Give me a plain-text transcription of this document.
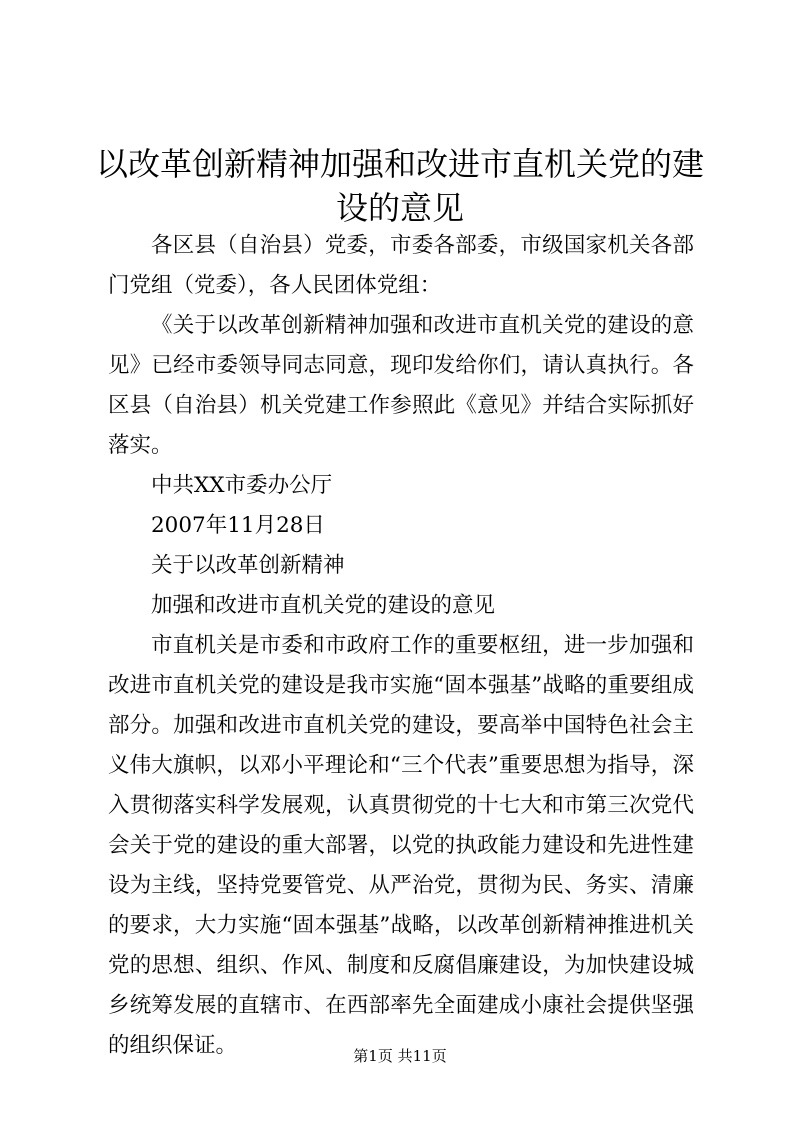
以改革创新精神加强和改进市直机关党的建设的意见

各区县（自治县）党委，市委各部委，市级国家机关各部门党组（党委），各人民团体党组：

《关于以改革创新精神加强和改进市直机关党的建设的意见》已经市委领导同志同意，现印发给你们，请认真执行。各区县（自治县）机关党建工作参照此《意见》并结合实际抓好落实。

中共XX市委办公厅

2007年11月28日

关于以改革创新精神

加强和改进市直机关党的建设的意见

市直机关是市委和市政府工作的重要枢纽，进一步加强和改进市直机关党的建设是我市实施“固本强基”战略的重要组成部分。加强和改进市直机关党的建设，要高举中国特色社会主义伟大旗帜，以邓小平理论和“三个代表”重要思想为指导，深入贯彻落实科学发展观，认真贯彻党的十七大和市第三次党代会关于党的建设的重大部署，以党的执政能力建设和先进性建设为主线，坚持党要管党、从严治党，贯彻为民、务实、清廉的要求，大力实施“固本强基”战略，以改革创新精神推进机关党的思想、组织、作风、制度和反腐倡廉建设，为加快建设城乡统筹发展的直辖市、在西部率先全面建成小康社会提供坚强的组织保证。	第1页 共11页
